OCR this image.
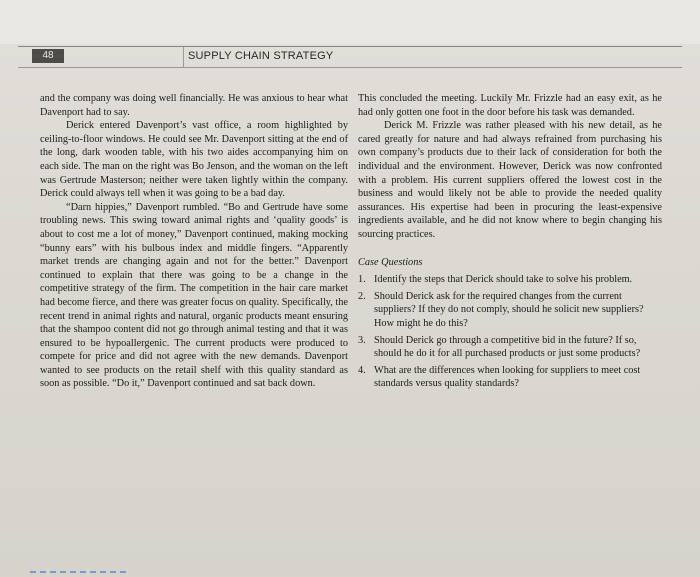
48	SUPPLY CHAIN STRATEGY

and the company was doing well financially. He was anxious to hear what Davenport had to say.

Derick entered Davenport’s vast office, a room highlighted by ceiling-to-floor windows. He could see Mr. Davenport sitting at the end of the long, dark wooden table, with his two aides accompanying him on each side. The man on the right was Bo Jenson, and the woman on the left was Gertrude Masterson; neither were taken lightly within the company. Derick could always tell when it was going to be a bad day.

“Darn hippies,” Davenport rumbled. “Bo and Gertrude have some troubling news. This swing toward animal rights and ‘quality goods’ is about to cost me a lot of money,” Davenport continued, making mocking “bunny ears” with his bulbous index and middle fingers. “Apparently market trends are changing again and not for the better.” Davenport continued to explain that there was going to be a change in the competitive strategy of the firm. The competition in the hair care market had become fierce, and there was greater focus on quality. Specifically, the recent trend in animal rights and natural, organic products meant ensuring that the shampoo content did not go through animal testing and that it was ensured to be hypoallergenic. The current products were produced to compete for price and did not agree with the new demands. Davenport wanted to see products on the retail shelf with this quality standard as soon as possible. “Do it,” Davenport continued and sat back down.

This concluded the meeting. Luckily Mr. Frizzle had an easy exit, as he had only gotten one foot in the door before his task was demanded.

Derick M. Frizzle was rather pleased with his new detail, as he cared greatly for nature and had always refrained from purchasing his own company’s products due to their lack of consideration for both the individual and the environment. However, Derick was now confronted with a problem. His current suppliers offered the lowest cost in the business and would likely not be able to provide the needed quality assurances. His expertise had been in procuring the least-expensive ingredients available, and he did not know where to begin changing his sourcing practices.

Case Questions
1. Identify the steps that Derick should take to solve his problem.
2. Should Derick ask for the required changes from the current suppliers? If they do not comply, should he solicit new suppliers? How might he do this?
3. Should Derick go through a competitive bid in the future? If so, should he do it for all purchased products or just some products?
4. What are the differences when looking for suppliers to meet cost standards versus quality standards?
